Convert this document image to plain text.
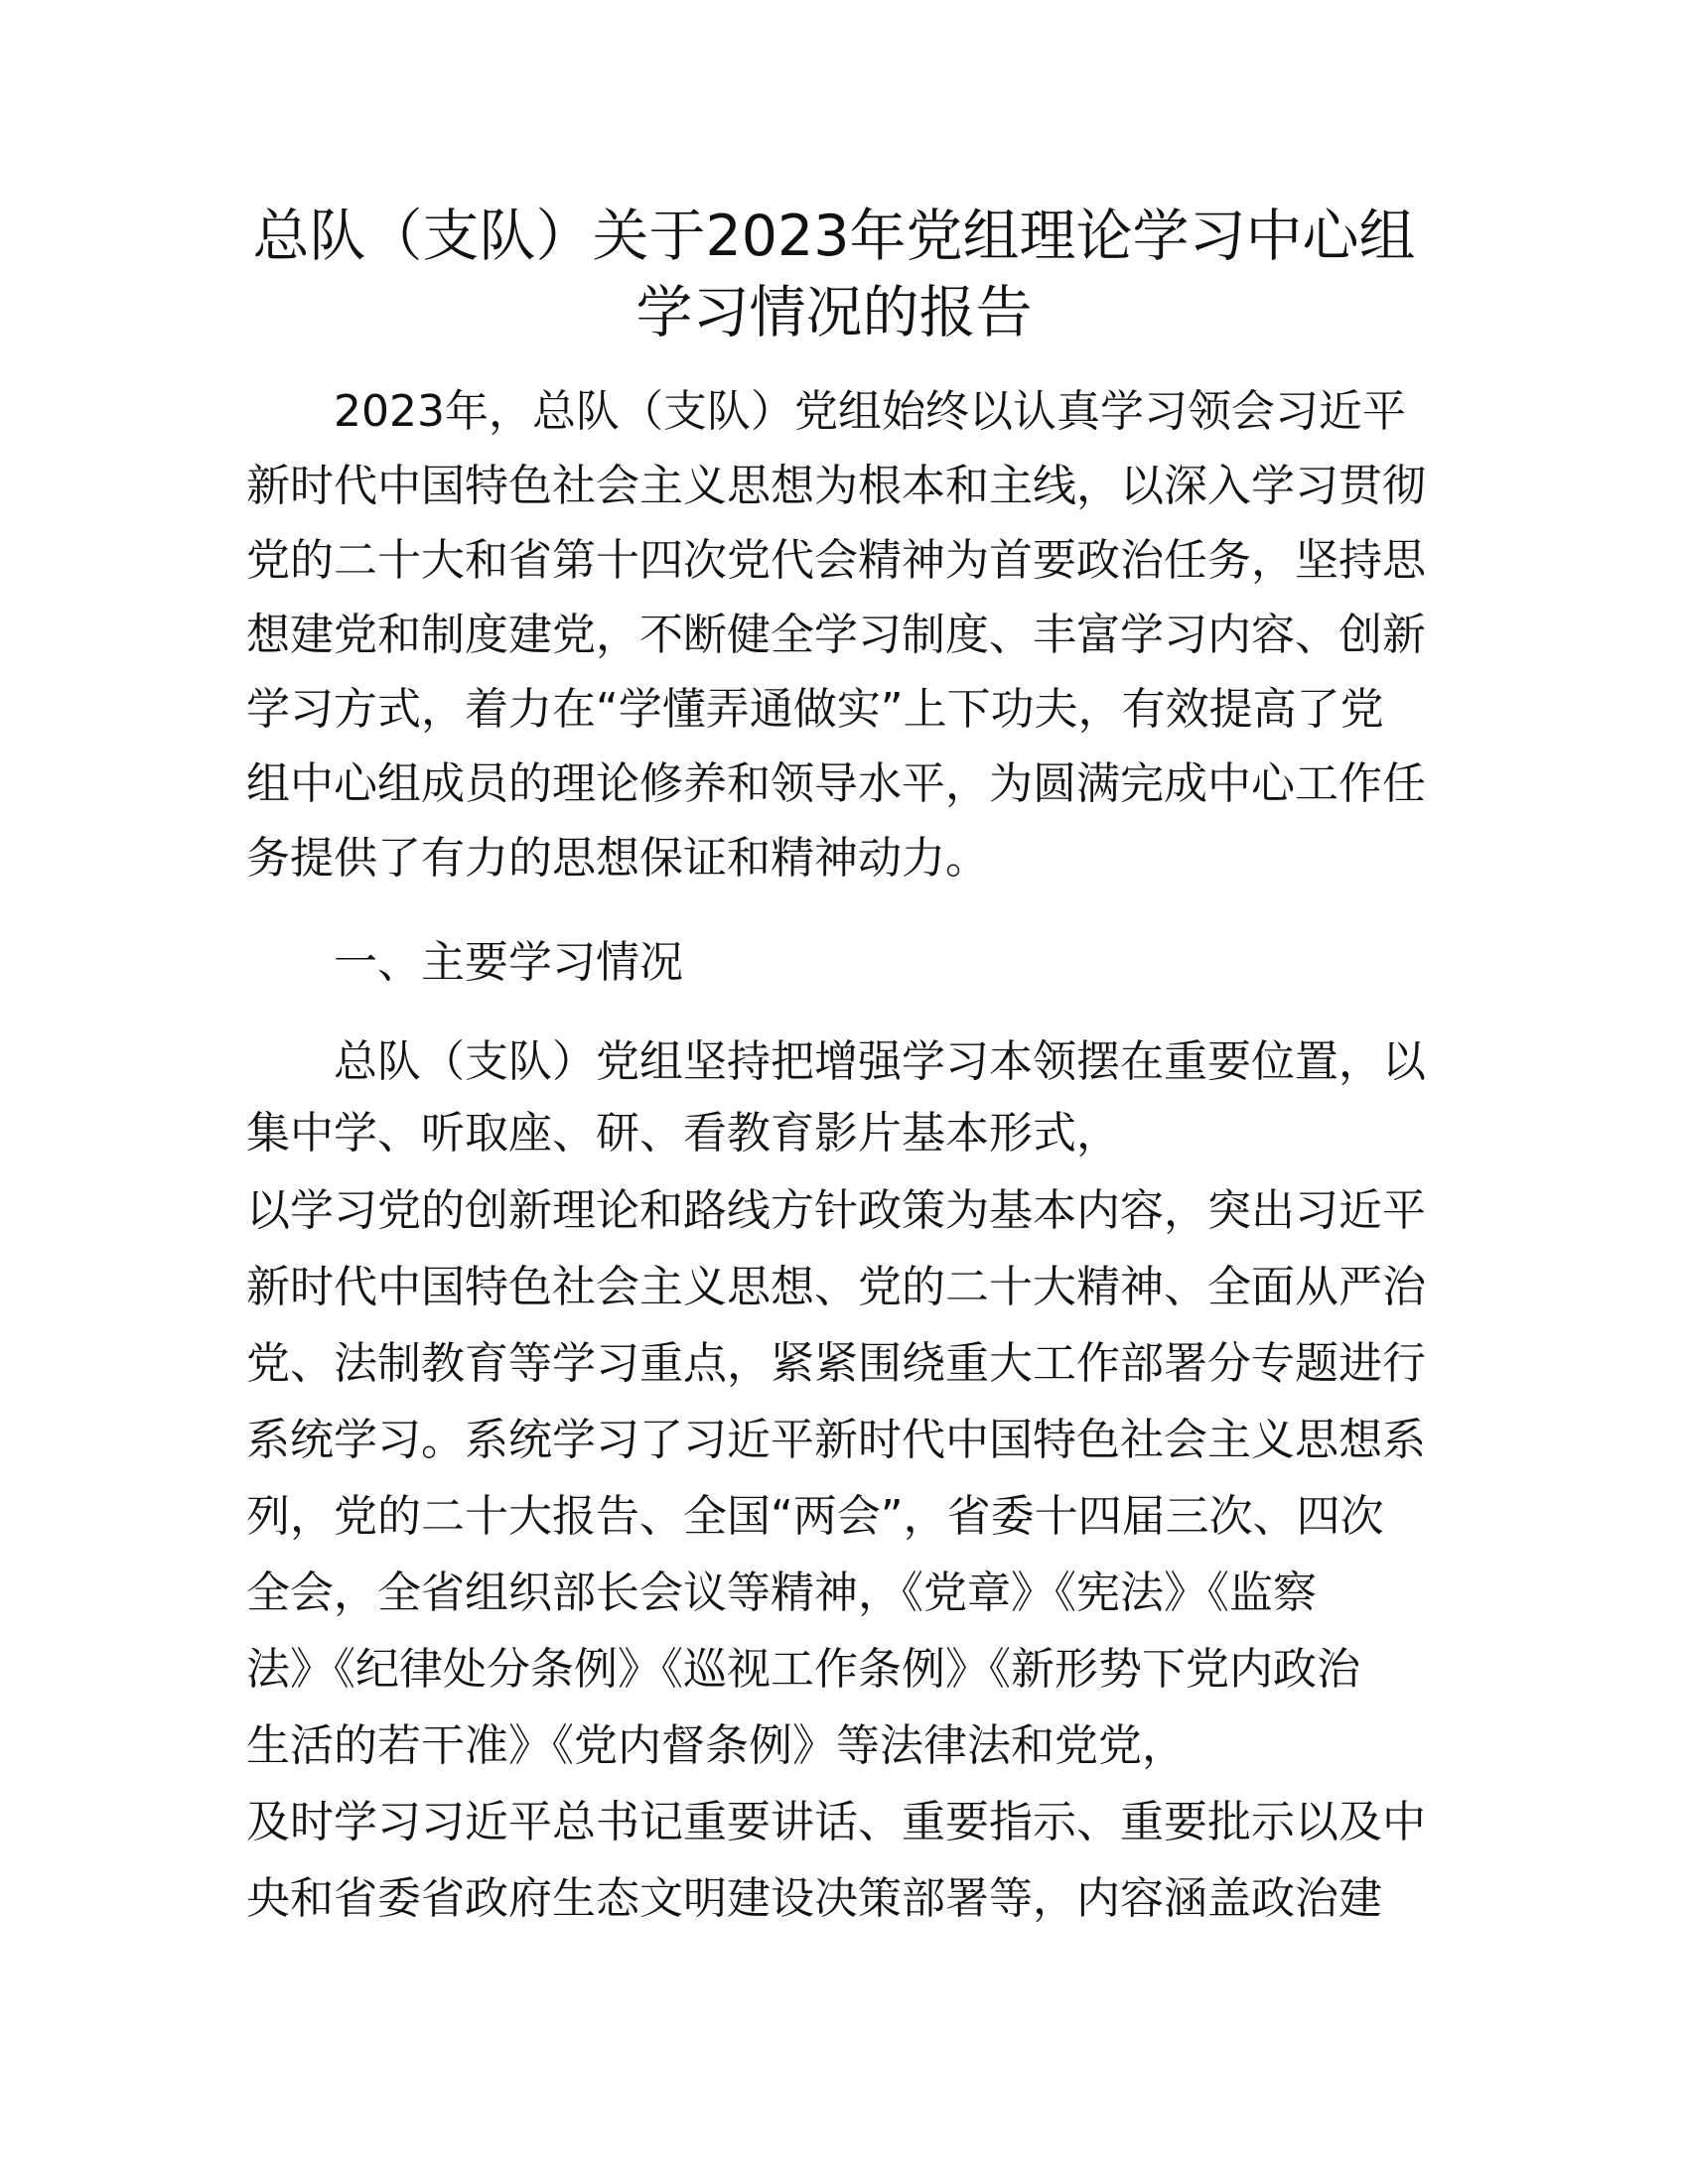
总队（支队）关于2023年党组理论学习中心组
学习情况的报告
2023年，总队（支队）党组始终以认真学习领会习近平
新时代中国特色社会主义思想为根本和主线，以深入学习贯彻
党的二十大和省第十四次党代会精神为首要政治任务，坚持思
想建党和制度建党，不断健全学习制度、丰富学习内容、创新
学习方式，着力在“学懂弄通做实”上下功夫，有效提高了党
组中心组成员的理论修养和领导水平，为圆满完成中心工作任
务提供了有力的思想保证和精神动力。
一、主要学习情况
总队（支队）党组坚持把增强学习本领摆在重要位置，以
集中学、听取座、研、看教育影片基本形式，
以学习党的创新理论和路线方针政策为基本内容，突出习近平
新时代中国特色社会主义思想、党的二十大精神、全面从严治
党、法制教育等学习重点，紧紧围绕重大工作部署分专题进行
系统学习。系统学习了习近平新时代中国特色社会主义思想系
列，党的二十大报告、全国“两会”，省委十四届三次、四次
全会，全省组织部长会议等精神，《党章》《宪法》《监察
法》《纪律处分条例》《巡视工作条例》《新形势下党内政治
生活的若干准》《党内督条例》等法律法和党党，
及时学习习近平总书记重要讲话、重要指示、重要批示以及中
央和省委省政府生态文明建设决策部署等，内容涵盖政治建
